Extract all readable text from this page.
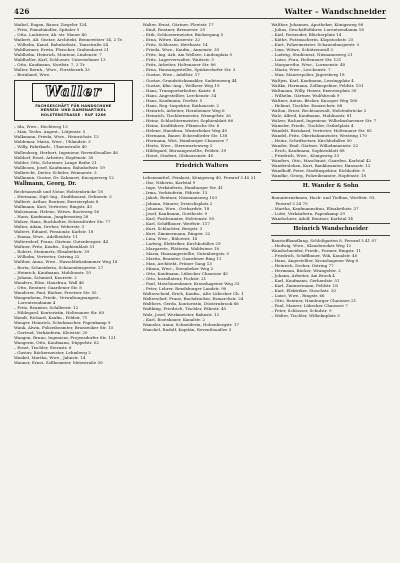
426	Walter – Wandschneider

Waibel, Eugen, Bauer, Ziegeler 124

– Fritz, Pianohändler, Spitaler 5

– Otto, Lackierer, Ah.-str. Mauer 40

Waibert, Ali. Gustav, Architekt, Bennewitzer 14, 2 Tr.

– Wilhelm, Kanzl. Bahnhofsstr., Tanzstraße 54

Waldheimer, Erwin, Fleischer, Grabenhorst 21

Waldhelm, Heinrich, Monteur, Lindenstr. 7

Waldheller, Karl, Schlosser, Unternehmer 13

– Otto, Kaufmann, Nordstr. 7, 2 Tr.

Walter, Bernh., Wwe., Forstbezirk 33

– Bernhard, Wwe.

Waller
FACHGESCHÄFT FÜR HANDSCHUHE
HERREN- UND DAMENARTIKEL
HOLSTENSTRASSE · RUF 3266

– Ida, Wwe., Hechtweg 13

– Max, Techn. Angest., Lütjenstr. 3

Walkmann, Frieda, Wwe., Heinrichstr. 13

Waldemar, Maria, Wwe., Uhlandstr. 5

– Willy, Fabrikarb., Ulmenstraße 40

Wallenberg, Herbert, Ingenieur, Reventlouallee 46

Waldorf, Ernst, Arbeiter, Hopfenstr. 30

Walder, Otto, Schreiner, Lange Reihe 21

Wallboom, Josef, Kaufmann, Bahnhofsstr. 19

Walbrecht, Dieter, Schüler, Weimarstr. 3

Wallmann, Gustav, Dr. Zahnarzt, Knooperweg 12

Wallmann, Georg, Dr.

Rechtsanwalt und Notar, Holstenbrücke 18

– Hermann, Dipl.-Ing., Stadtbaurat, Dehnestr. 5

Walbert, Arthur, Rentner, Exerzierplatz 8

Wallmann, Kurt, Vertreter, Ringstr. 43

Walsemann, Helene, Witwe, Bootsweg 56

– Hans, Kaufmann, Jungfernstieg 28

Walzer, Hans, Buchhalter, Eckernförder Str. 77

Walter, Adam, Dreher, Weberstr. 3

Waltert, Eduard, Pensionär, Karlstr. 18

– Emma, Wwe., Adelheidstr. 11

Waltersdorf, Franz, Gärtner, Gutenbergstr. 44

Waltner, Fritz, Kaufm., Sophienblatt 31

– Robert, Steinmetz, Elisabethstr. 39

– Wilhelm, Vertreter, Ostring 22

Walther, Anna, Wwe., Hasseldieksdammer Weg 18

– Berta, Schneiderin, Schauenburgerstr. 27

– Heinrich, Kaufmann, Muhliusstr. 10

– Johann, Schmied, Knorrstr. 2

Wanders, Elise, Hausfrau, Wall 46

– Otto, Rentner, Gaardener Str. 8

Wanderer, Paul, Bäcker, Preetzer Str. 55

Wangenheim, Friedr., Verwaltungsangest., Lorentzendamm 4

– Fritz, Beamter, Schillerstr. 12

– Hildegard, Kontoristin, Holtenauer Str. 60

Wandt, Richard, Kaufm., Feldstr. 71

Wanger, Heinrich, Schuhmacher, Papenkamp 9

Wank, Alwin, Polizeibeamter, Brunswiker Str. 15

– Gertrud, Verkäuferin, Kleiststr. 20

Wangen, Bruno, Ingenieur, Projensdorfer Str. 121

Wangerin, Otto, Kaufmann, Düppelstr. 62

– Ernst, Tischler, Sternstr. 6

– Gustav, Bäckermeister, Lehmberg 2

Wankel, Martha, Wwe., Jahnstr. 14

Wanner, Ernst, Zollbeamter, Metzstraße 30

Walter, Ernst, Gärtner, Fleetstr. 17

– Emil, Rentner, Bremerstr. 29

– Erik, Schlossermeister, Bäckergang 5

– Erna, Witwe, Kaiserstr. 22

– Fritz, Schlosser, Herthastr. 14

– Frieda, Wwe., Kaufm., Annenstr. 30

– Fritz, Ing. Arb. Am Wellsee, Lindenplatz 5

– Fritz, Lagerverwalter, Waitzstr. 3

– Fritz, Arbeiter, Holtenauer Str. 86

– Erna, Hausangestellte, Spiekerdorfer Str. 3

– Gustav, Wwe., Adolfstr. 17

– Gustav, Grundstücksmakler, Sudetenweg 44

– Gustav, Kfm.-Ang., Wellseer Weg 19

– Hans, Transportarbeiter, Kaistr. 8

– Hans, Angestellter, Lerchenstr. 34

– Hans, Kaufmann, Dorfstr. 5

– Hans, Reg.-Inspektor, Rathausstr. 2

– Heinrich, Arbeiter, Hornheimer Weg 6

– Heinrich, Tischlermeister, Wrangelstr. 26

– Heinz, Schlachtermeister, Sophienblatt 66

– Heinz, Kraftfahrer, Flämische Str. 8

– Helene, Hausfrau, Winterbeker Weg 40

– Hermann, Bauer, Eckernförder Str. 138

– Hermann, Wirt, Hamburger Chaussee 7

– Herta, Wwe., Sternwartenweg 5

– Hildegard, Büroangestellte, Feldstr. 39

– Horst, Student, Olshausenstr. 40

Friedrich Walters

Lebensmittel, Feinkost, Königsweg 40, Fernruf 3 45 21

– Ilse, Näherin, Karlstal 9

– Inge, Verkäuferin, Hamburger Str. 41

– Irma, Verkäuferin, Fährstr. 13

– Jakob, Rentner, Niemannsweg 103

– Johann, Maurer, Dreiecksplatz 2

– Johanna, Wwe., Gerhardstr. 18

– Josef, Kaufmann, Goethestr. 9

– Karl, Postbeamter, Holstenstr. 50

– Karl, Schiffbauer, Werftstr. 117

– Kurt, Schlachter, Bergstr. 3

– Kurt, Zimmermann, Ringstr. 22

– Lina, Wwe., Bülowstr. 14

– Ludwig, Elektriker, Kirchhofallee 29

– Margarete, Plätterin, Waldwiese 18

– Maria, Hausangestellte, Gutenbergstr. 5

– Martin, Beamter, Gaardener Ring 11

– Max, Architekt, Prüner Gang 13

– Minna, Wwe., Steenbeker Weg 2

– Otto, Kaufmann, Lübecker Chaussee 45

– Otto, Installateur, Fockstr. 21

– Paul, Maschinenbauer, Kronshagener Weg 33

– Peter, Lehrer, Rendsburger Landstr. 90

Walterscheid, Erich, Kaufm., Alte Lübecker Ch. 1

Waltersdorf, Franz, Buchdrucker, Esmarchstr. 24

Walthers, Gerda, Kontoristin, Düsternbrook 66

Waltking, Friedrich, Tischler, Fährstr. 40

Walz, Josef, Werkmeister, Bahnstr. 12

– Karl, Bootsbauer, Kanalstr. 2

Wamsler, Anna, Schneiderin, Hohenbergstr. 17

Wanckel, Rudolf, Kapitän, Reventlouallee 3

Walther, Johannes, Apotheker, Königsweg 98

– Julius, Geschäftsführer, Lorentzendamm 16

– Karl, Reisender, Blücherplatz 14

– Käthe, Putzmacherin, Klopstockstr. 25

– Kurt, Polizeimeister, Schauenburgerstr. 5

– Lina, Witwe, Schützenwall 3

– Ludwig, Studienrat, Niemannsweg 21

– Luise, Frau, Holtenauer Str. 131

– Margarethe, Wwe., Lornsenstr. 40

– Maria, Wwe., Lerchenstr. 7

– Max, Maurerpolier, Jägersberg 18

Waltjen, Karl, Kaufmann, Lessingplatz 4

Waltke, Hermann, Zollinspektor, Feldstr. 101

Waltmann, Willy, Heizer, Exerzierplatz 30

– Wilhelm, Gärtner, Wulfsbrook 9

Waltner, Anton, Bäcker, Knooper Weg 160

– Helmut, Tischler, Esmarchstr. 68

Walton, Ernst, Rechtsanwalt, Holstenbrücke 2

Walz, Alfred, Kaufmann, Muhliusstr. 81

Walzer, Richard, Ingenieur, Wilhelmshavener Str. 7

Wamsler, Friedr., Tischler, Geibelplatz 4

Wandelt, Bernhard, Vertreter, Holtenauer Str. 85

Wandel, Fritz, Oberbahnmeister, Westring 170

– Heinz, Schriftsetzer, Kirchhofallee 50

Wander, Emil, Gärtner, Wilhelminenstr. 22

– Erich, Kaufmann, Sophienblatt 88

– Friedrich, Wwe., Königsweg 33

Wanders, Otto, Maschinist, Gaarden, Karlstal 42

Wandersleben, Kurt, Bankbeamter, Hansastr. 12

Wandhoff, Peter, Stadtinspektor, Eichhofstr. 9

Wandke, Georg, Polizeibeamter, Hopfenstr. 18

H. Wander & Sohn

Bauunternehmen, Hoch- und Tiefbau, Werftstr. 93, Fernruf 3 34 75

– Martha, Kaufmannsfrau, Elisabethstr. 27

– Lotte, Verkäuferin, Papenkamp 29

Wandscheer, Adolf, Rentner, Karlstal 14

Heinrich Wandschneider

Baustoffhandlung, Schloßgarten 8, Fernruf 3 41 07

– Hedwig, Wwe., Klausbrooker Weg 12

Wandschneider, Friedr., Former, Ringstr. 11

– Friedrich, Schiffbauer, Wik, Kanalstr. 40

– Hans, Angestellter, Kronshagener Weg 6

– Heinrich, Dreher, Ostring 77

– Hermann, Bäcker, Wrangelstr. 2

– Johann, Arbeiter, Am Brook 4

– Karl, Kaufmann, Gerhardstr. 51

– Karl, Zimmermann, Feldstr. 18

– Kurt, Elektriker, Stoschstr. 20

– Luise, Wwe., Ringstr. 66

– Otto, Rentner, Hamburger Chaussee 21

– Paul, Maurer, Lübecker Chaussee 7

– Peter, Schlosser, Schulstr. 9

– Walter, Tischler, Wilhelmplatz 3
